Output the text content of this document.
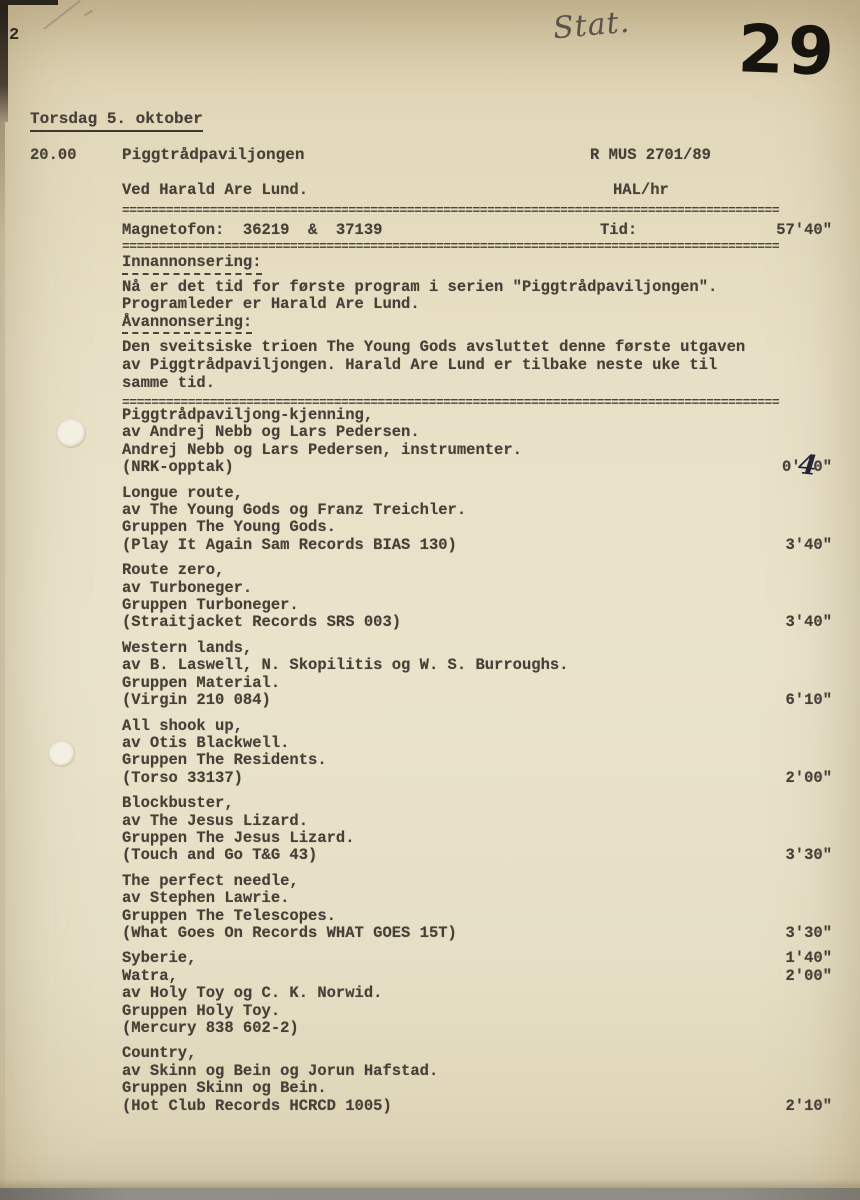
2	Stat. 29
Torsdag 5. oktober
20.00	Piggtrådpaviljongen	R MUS 2701/89
Ved Harald Are Lund.	HAL/hr
==========================================================================================
Magnetofon:  36219  &  37139	Tid:	57'40"
==========================================================================================
Innannonsering:
Nå er det tid for første program i serien "Piggtrådpaviljongen".
Programleder er Harald Are Lund.
Åvannonsering:
Den sveitsiske trioen The Young Gods avsluttet denne første utgaven
av Piggtrådpaviljongen. Harald Are Lund er tilbake neste uke til
samme tid.
==========================================================================================
Piggtrådpaviljong-kjenning,
av Andrej Nebb og Lars Pedersen.
Andrej Nebb og Lars Pedersen, instrumenter.
(NRK-opptak)	0'40"
Longue route,
av The Young Gods og Franz Treichler.
Gruppen The Young Gods.
(Play It Again Sam Records BIAS 130)	3'40"
Route zero,
av Turboneger.
Gruppen Turboneger.
(Straitjacket Records SRS 003)	3'40"
Western lands,
av B. Laswell, N. Skopilitis og W. S. Burroughs.
Gruppen Material.
(Virgin 210 084)	6'10"
All shook up,
av Otis Blackwell.
Gruppen The Residents.
(Torso 33137)	2'00"
Blockbuster,
av The Jesus Lizard.
Gruppen The Jesus Lizard.
(Touch and Go T&G 43)	3'30"
The perfect needle,
av Stephen Lawrie.
Gruppen The Telescopes.
(What Goes On Records WHAT GOES 15T)	3'30"
Syberie,	1'40"
Watra,	2'00"
av Holy Toy og C. K. Norwid.
Gruppen Holy Toy.
(Mercury 838 602-2)
Country,
av Skinn og Bein og Jorun Hafstad.
Gruppen Skinn og Bein.
(Hot Club Records HCRCD 1005)	2'10"
